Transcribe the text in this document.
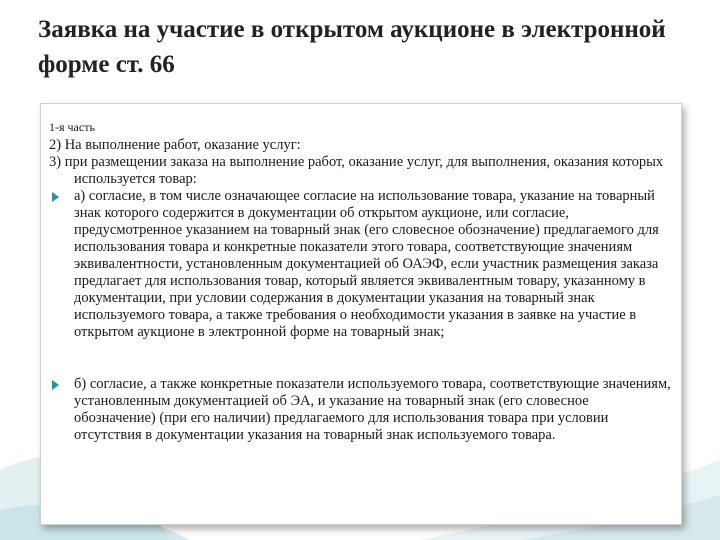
Заявка на участие в открытом аукционе в электронной форме ст. 66
1-я часть

2) На выполнение работ, оказание услуг:

3) при размещении заказа на выполнение работ, оказание услуг, для выполнения, оказания которых используется товар:

а) согласие, в том числе означающее согласие на использование товара, указание на товарный знак которого содержится в документации об открытом аукционе, или согласие, предусмотренное указанием на товарный знак (его словесное обозначение) предлагаемого для использования товара и конкретные показатели этого товара, соответствующие значениям эквивалентности, установленным документацией об ОАЭФ, если участник размещения заказа предлагает для использования товар, который является эквивалентным товару, указанному в документации, при условии содержания в документации указания на товарный знак используемого товара, а также требования о необходимости указания в заявке на участие в открытом аукционе в электронной форме на товарный знак;
б) согласие, а также конкретные показатели используемого товара, соответствующие значениям, установленным документацией об ЭА, и указание на товарный знак (его словесное обозначение) (при его наличии) предлагаемого для использования товара при условии отсутствия в документации указания на товарный знак используемого товара.
